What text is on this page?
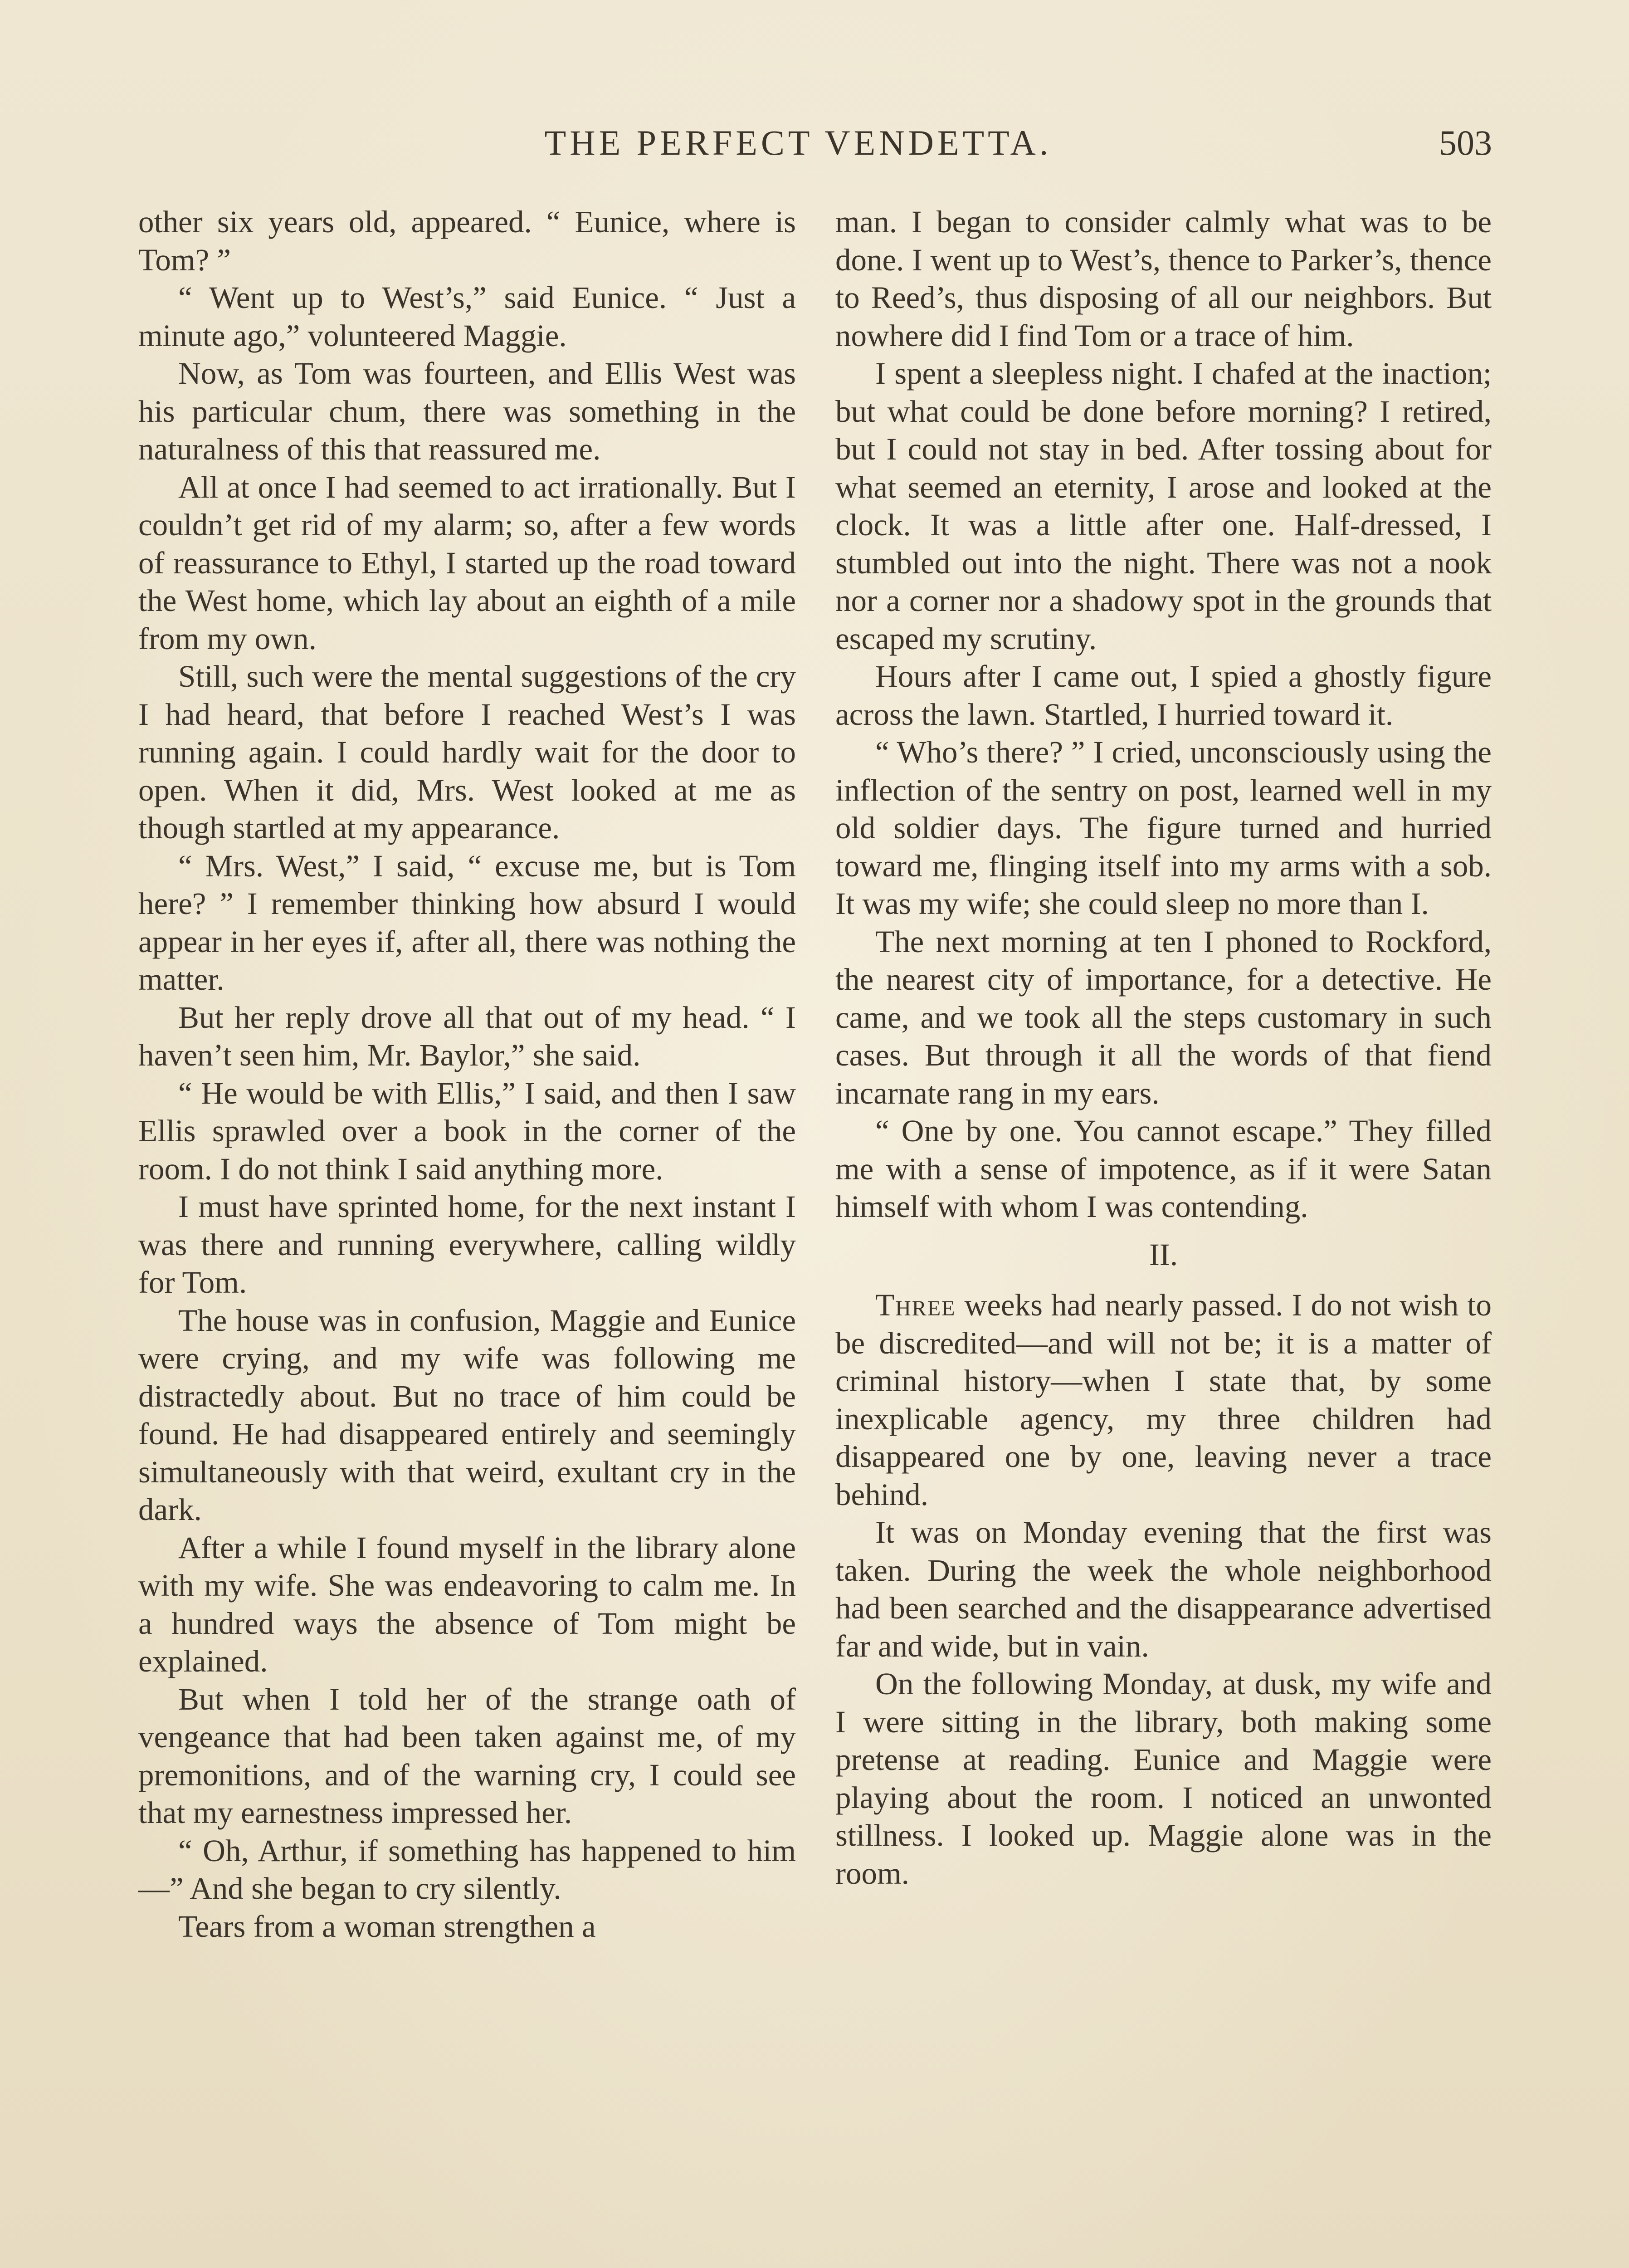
THE PERFECT VENDETTA.	503

other six years old, appeared. “ Eunice, where is Tom? ”

“ Went up to West’s,” said Eunice. “ Just a minute ago,” volunteered Maggie.

Now, as Tom was fourteen, and Ellis West was his particular chum, there was something in the naturalness of this that reassured me.

All at once I had seemed to act irrationally. But I couldn’t get rid of my alarm; so, after a few words of reassurance to Ethyl, I started up the road toward the West home, which lay about an eighth of a mile from my own.

Still, such were the mental suggestions of the cry I had heard, that before I reached West’s I was running again. I could hardly wait for the door to open. When it did, Mrs. West looked at me as though startled at my appearance.

“ Mrs. West,” I said, “ excuse me, but is Tom here? ” I remember thinking how absurd I would appear in her eyes if, after all, there was nothing the matter.

But her reply drove all that out of my head. “ I haven’t seen him, Mr. Baylor,” she said.

“ He would be with Ellis,” I said, and then I saw Ellis sprawled over a book in the corner of the room. I do not think I said anything more.

I must have sprinted home, for the next instant I was there and running everywhere, calling wildly for Tom.

The house was in confusion, Maggie and Eunice were crying, and my wife was following me distractedly about. But no trace of him could be found. He had disappeared entirely and seemingly simultaneously with that weird, exultant cry in the dark.

After a while I found myself in the library alone with my wife. She was endeavoring to calm me. In a hundred ways the absence of Tom might be explained.

But when I told her of the strange oath of vengeance that had been taken against me, of my premonitions, and of the warning cry, I could see that my earnestness impressed her.

“ Oh, Arthur, if something has happened to him—” And she began to cry silently.

Tears from a woman strengthen a

man. I began to consider calmly what was to be done. I went up to West’s, thence to Parker’s, thence to Reed’s, thus disposing of all our neighbors. But nowhere did I find Tom or a trace of him.

I spent a sleepless night. I chafed at the inaction; but what could be done before morning? I retired, but I could not stay in bed. After tossing about for what seemed an eternity, I arose and looked at the clock. It was a little after one. Half-dressed, I stumbled out into the night. There was not a nook nor a corner nor a shadowy spot in the grounds that escaped my scrutiny.

Hours after I came out, I spied a ghostly figure across the lawn. Startled, I hurried toward it.

“ Who’s there? ” I cried, unconsciously using the inflection of the sentry on post, learned well in my old soldier days. The figure turned and hurried toward me, flinging itself into my arms with a sob. It was my wife; she could sleep no more than I.

The next morning at ten I phoned to Rockford, the nearest city of importance, for a detective. He came, and we took all the steps customary in such cases. But through it all the words of that fiend incarnate rang in my ears.

“ One by one. You cannot escape.” They filled me with a sense of impotence, as if it were Satan himself with whom I was contending.

II.

Three weeks had nearly passed. I do not wish to be discredited—and will not be; it is a matter of criminal history—when I state that, by some inexplicable agency, my three children had disappeared one by one, leaving never a trace behind.

It was on Monday evening that the first was taken. During the week the whole neighborhood had been searched and the disappearance advertised far and wide, but in vain.

On the following Monday, at dusk, my wife and I were sitting in the library, both making some pretense at reading. Eunice and Maggie were playing about the room. I noticed an unwonted stillness. I looked up. Maggie alone was in the room.
